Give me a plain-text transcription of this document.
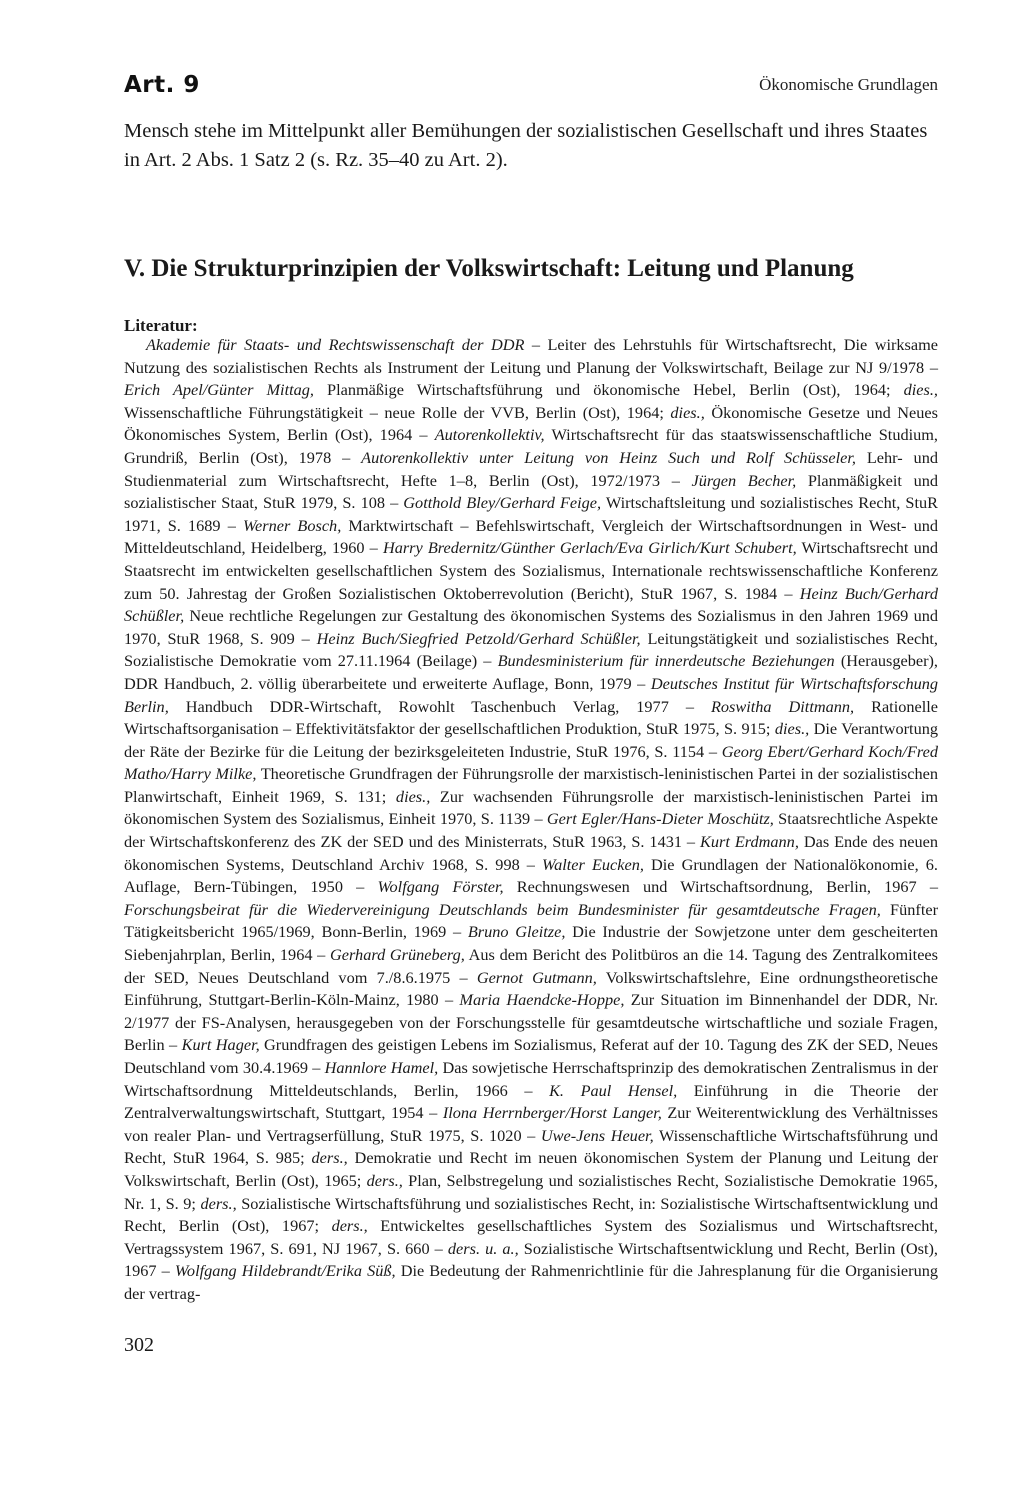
Art. 9	Ökonomische Grundlagen
Mensch stehe im Mittelpunkt aller Bemühungen der sozialistischen Gesellschaft und ihres Staates in Art. 2 Abs. 1 Satz 2 (s. Rz. 35–40 zu Art. 2).
V. Die Strukturprinzipien der Volkswirtschaft: Leitung und Planung
Literatur:

Akademie für Staats- und Rechtswissenschaft der DDR – Leiter des Lehrstuhls für Wirtschaftsrecht, Die wirksame Nutzung des sozialistischen Rechts als Instrument der Leitung und Planung der Volkswirtschaft, Beilage zur NJ 9/1978 – Erich Apel/Günter Mittag, Planmäßige Wirtschaftsführung und ökonomische Hebel, Berlin (Ost), 1964; dies., Wissenschaftliche Führungstätigkeit – neue Rolle der VVB, Berlin (Ost), 1964; dies., Ökonomische Gesetze und Neues Ökonomisches System, Berlin (Ost), 1964 – Autorenkollektiv, Wirtschaftsrecht für das staatswissenschaftliche Studium, Grundriß, Berlin (Ost), 1978 – Autorenkollektiv unter Leitung von Heinz Such und Rolf Schüsseler, Lehr- und Studienmaterial zum Wirtschaftsrecht, Hefte 1–8, Berlin (Ost), 1972/1973 – Jürgen Becher, Planmäßigkeit und sozialistischer Staat, StuR 1979, S. 108 – Gotthold Bley/Gerhard Feige, Wirtschaftsleitung und sozialistisches Recht, StuR 1971, S. 1689 – Werner Bosch, Marktwirtschaft – Befehlswirtschaft, Vergleich der Wirtschaftsordnungen in West- und Mitteldeutschland, Heidelberg, 1960 – Harry Bredernitz/Günther Gerlach/Eva Girlich/Kurt Schubert, Wirtschaftsrecht und Staatsrecht im entwickelten gesellschaftlichen System des Sozialismus, Internationale rechtswissenschaftliche Konferenz zum 50. Jahrestag der Großen Sozialistischen Oktoberrevolution (Bericht), StuR 1967, S. 1984 – Heinz Buch/Gerhard Schüßler, Neue rechtliche Regelungen zur Gestaltung des ökonomischen Systems des Sozialismus in den Jahren 1969 und 1970, StuR 1968, S. 909 – Heinz Buch/Siegfried Petzold/Gerhard Schüßler, Leitungstätigkeit und sozialistisches Recht, Sozialistische Demokratie vom 27.11.1964 (Beilage) – Bundesministerium für innerdeutsche Beziehungen (Herausgeber), DDR Handbuch, 2. völlig überarbeitete und erweiterte Auflage, Bonn, 1979 – Deutsches Institut für Wirtschaftsforschung Berlin, Handbuch DDR-Wirtschaft, Rowohlt Taschenbuch Verlag, 1977 – Roswitha Dittmann, Rationelle Wirtschaftsorganisation – Effektivitätsfaktor der gesellschaftlichen Produktion, StuR 1975, S. 915; dies., Die Verantwortung der Räte der Bezirke für die Leitung der bezirksgeleiteten Industrie, StuR 1976, S. 1154 – Georg Ebert/Gerhard Koch/Fred Matho/Harry Milke, Theoretische Grundfragen der Führungsrolle der marxistisch-leninistischen Partei in der sozialistischen Planwirtschaft, Einheit 1969, S. 131; dies., Zur wachsenden Führungsrolle der marxistisch-leninistischen Partei im ökonomischen System des Sozialismus, Einheit 1970, S. 1139 – Gert Egler/Hans-Dieter Moschütz, Staatsrechtliche Aspekte der Wirtschaftskonferenz des ZK der SED und des Ministerrats, StuR 1963, S. 1431 – Kurt Erdmann, Das Ende des neuen ökonomischen Systems, Deutschland Archiv 1968, S. 998 – Walter Eucken, Die Grundlagen der Nationalökonomie, 6. Auflage, Bern-Tübingen, 1950 – Wolfgang Förster, Rechnungswesen und Wirtschaftsordnung, Berlin, 1967 – Forschungsbeirat für die Wiedervereinigung Deutschlands beim Bundesminister für gesamtdeutsche Fragen, Fünfter Tätigkeitsbericht 1965/1969, Bonn-Berlin, 1969 – Bruno Gleitze, Die Industrie der Sowjetzone unter dem gescheiterten Siebenjahrplan, Berlin, 1964 – Gerhard Grüneberg, Aus dem Bericht des Politbüros an die 14. Tagung des Zentralkomitees der SED, Neues Deutschland vom 7./8.6.1975 – Gernot Gutmann, Volkswirtschaftslehre, Eine ordnungstheoretische Einführung, Stuttgart-Berlin-Köln-Mainz, 1980 – Maria Haendcke-Hoppe, Zur Situation im Binnenhandel der DDR, Nr. 2/1977 der FS-Analysen, herausgegeben von der Forschungsstelle für gesamtdeutsche wirtschaftliche und soziale Fragen, Berlin – Kurt Hager, Grundfragen des geistigen Lebens im Sozialismus, Referat auf der 10. Tagung des ZK der SED, Neues Deutschland vom 30.4.1969 – Hannlore Hamel, Das sowjetische Herrschaftsprinzip des demokratischen Zentralismus in der Wirtschaftsordnung Mitteldeutschlands, Berlin, 1966 – K. Paul Hensel, Einführung in die Theorie der Zentralverwaltungswirtschaft, Stuttgart, 1954 – Ilona Herrnberger/Horst Langer, Zur Weiterentwicklung des Verhältnisses von realer Plan- und Vertragserfüllung, StuR 1975, S. 1020 – Uwe-Jens Heuer, Wissenschaftliche Wirtschaftsführung und Recht, StuR 1964, S. 985; ders., Demokratie und Recht im neuen ökonomischen System der Planung und Leitung der Volkswirtschaft, Berlin (Ost), 1965; ders., Plan, Selbstregelung und sozialistisches Recht, Sozialistische Demokratie 1965, Nr. 1, S. 9; ders., Sozialistische Wirtschaftsführung und sozialistisches Recht, in: Sozialistische Wirtschaftsentwicklung und Recht, Berlin (Ost), 1967; ders., Entwickeltes gesellschaftliches System des Sozialismus und Wirtschaftsrecht, Vertragssystem 1967, S. 691, NJ 1967, S. 660 – ders. u. a., Sozialistische Wirtschaftsentwicklung und Recht, Berlin (Ost), 1967 – Wolfgang Hildebrandt/Erika Süß, Die Bedeutung der Rahmenrichtlinie für die Jahresplanung für die Organisierung der vertrag-

302
